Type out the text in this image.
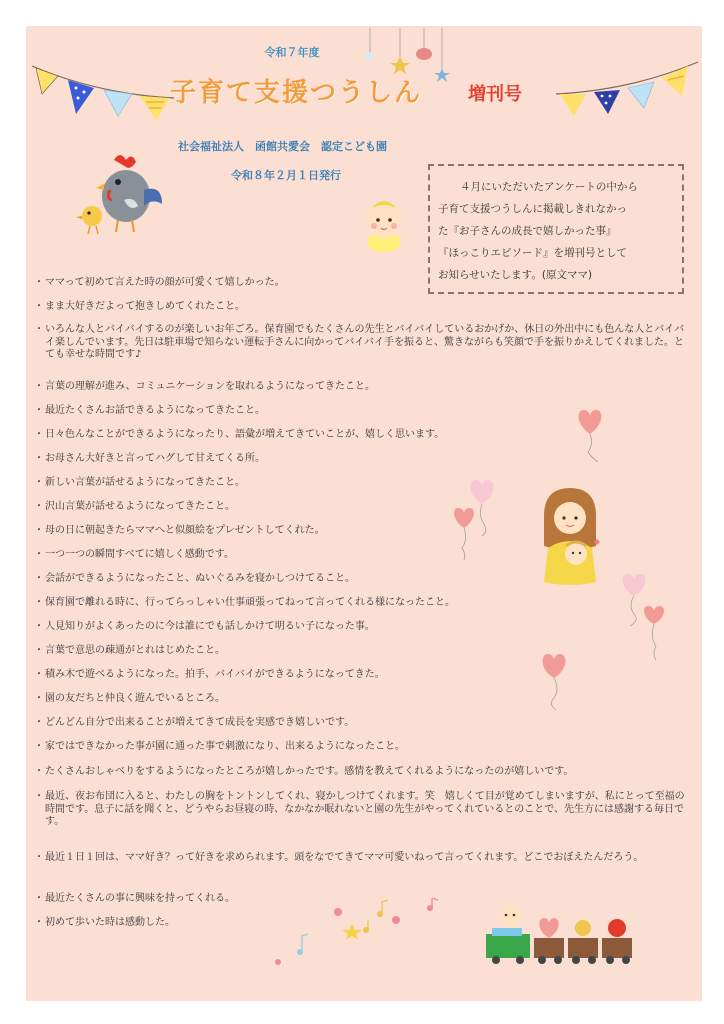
令和７年度
子育て支援つうしん	増刊号
社会福祉法人　函館共愛会　認定こども園
令和８年２月１日発行
４月にいただいたアンケートの中から
子育て支援つうしんに掲載しきれなかっ
た『お子さんの成長で嬉しかった事』
『ほっこりエピソード』を増刊号として
お知らせいたします。(原文ママ)
・ ママって初めて言えた時の顔が可愛くて嬉しかった。
・ まま大好きだよって抱きしめてくれたこと。
・ いろんな人とバイバイするのが楽しいお年ごろ。保育園でもたくさんの先生とバイバイしているおかげか、休日の外出中にも色んな人とバイバイ楽しんでいます。先日は駐車場で知らない運転手さんに向かってバイバイ手を振ると、驚きながらも笑顔で手を振りかえしてくれました。とても幸せな時間です♪
・ 言葉の理解が進み、コミュニケーションを取れるようになってきたこと。
・ 最近たくさんお話できるようになってきたこと。
・ 日々色んなことができるようになったり、語彙が増えてきていことが、嬉しく思います。
・ お母さん大好きと言ってハグして甘えてくる所。
・ 新しい言葉が話せるようになってきたこと。
・ 沢山言葉が話せるようになってきたこと。
・ 母の日に朝起きたらママへと似顔絵をプレゼントしてくれた。
・ 一つ一つの瞬間すべてに嬉しく感動です。
・ 会話ができるようになったこと、ぬいぐるみを寝かしつけてること。
・ 保育園で離れる時に、行ってらっしゃい仕事頑張ってねって言ってくれる様になったこと。
・ 人見知りがよくあったのに今は誰にでも話しかけて明るい子になった事。
・ 言葉で意思の疎通がとれはじめたこと。
・ 積み木で遊べるようになった。拍手、バイバイができるようになってきた。
・ 園の友だちと仲良く遊んでいるところ。
・ どんどん自分で出来ることが増えてきて成長を実感でき嬉しいです。
・ 家ではできなかった事が園に通った事で刺激になり、出来るようになったこと。
・ たくさんおしゃべりをするようになったところが嬉しかったです。感情を教えてくれるようになったのが嬉しいです。
・ 最近、夜お布団に入ると、わたしの胸をトントンしてくれ、寝かしつけてくれます。笑　嬉しくて目が覚めてしまいますが、私にとって至福の時間です。息子に話を聞くと、どうやらお昼寝の時、なかなか眠れないと園の先生がやってくれているとのことで、先生方には感謝する毎日です。
・ 最近１日１回は、ママ好き？って好きを求められます。頭をなでてきてママ可愛いねって言ってくれます。どこでおぼえたんだろう。
・ 最近たくさんの事に興味を持ってくれる。
・ 初めて歩いた時は感動した。
